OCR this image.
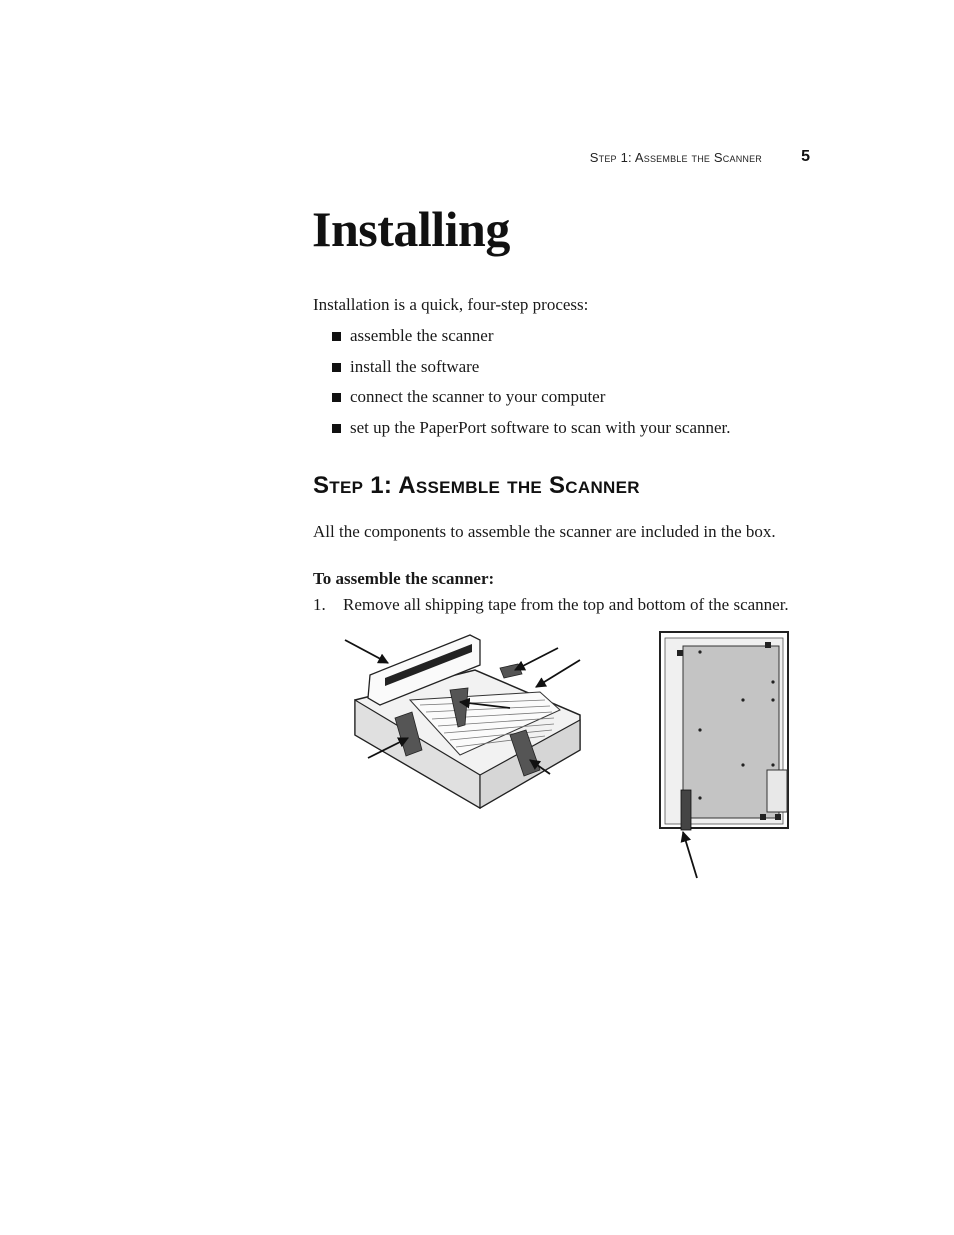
Step 1: Assemble the Scanner 5
Installing

Installation is a quick, four-step process:

assemble the scanner
install the software
connect the scanner to your computer
set up the PaperPort software to scan with your scanner.
Step 1: Assemble the Scanner

All the components to assemble the scanner are included in the box.

To assemble the scanner:

1. Remove all shipping tape from the top and bottom of the scanner.
